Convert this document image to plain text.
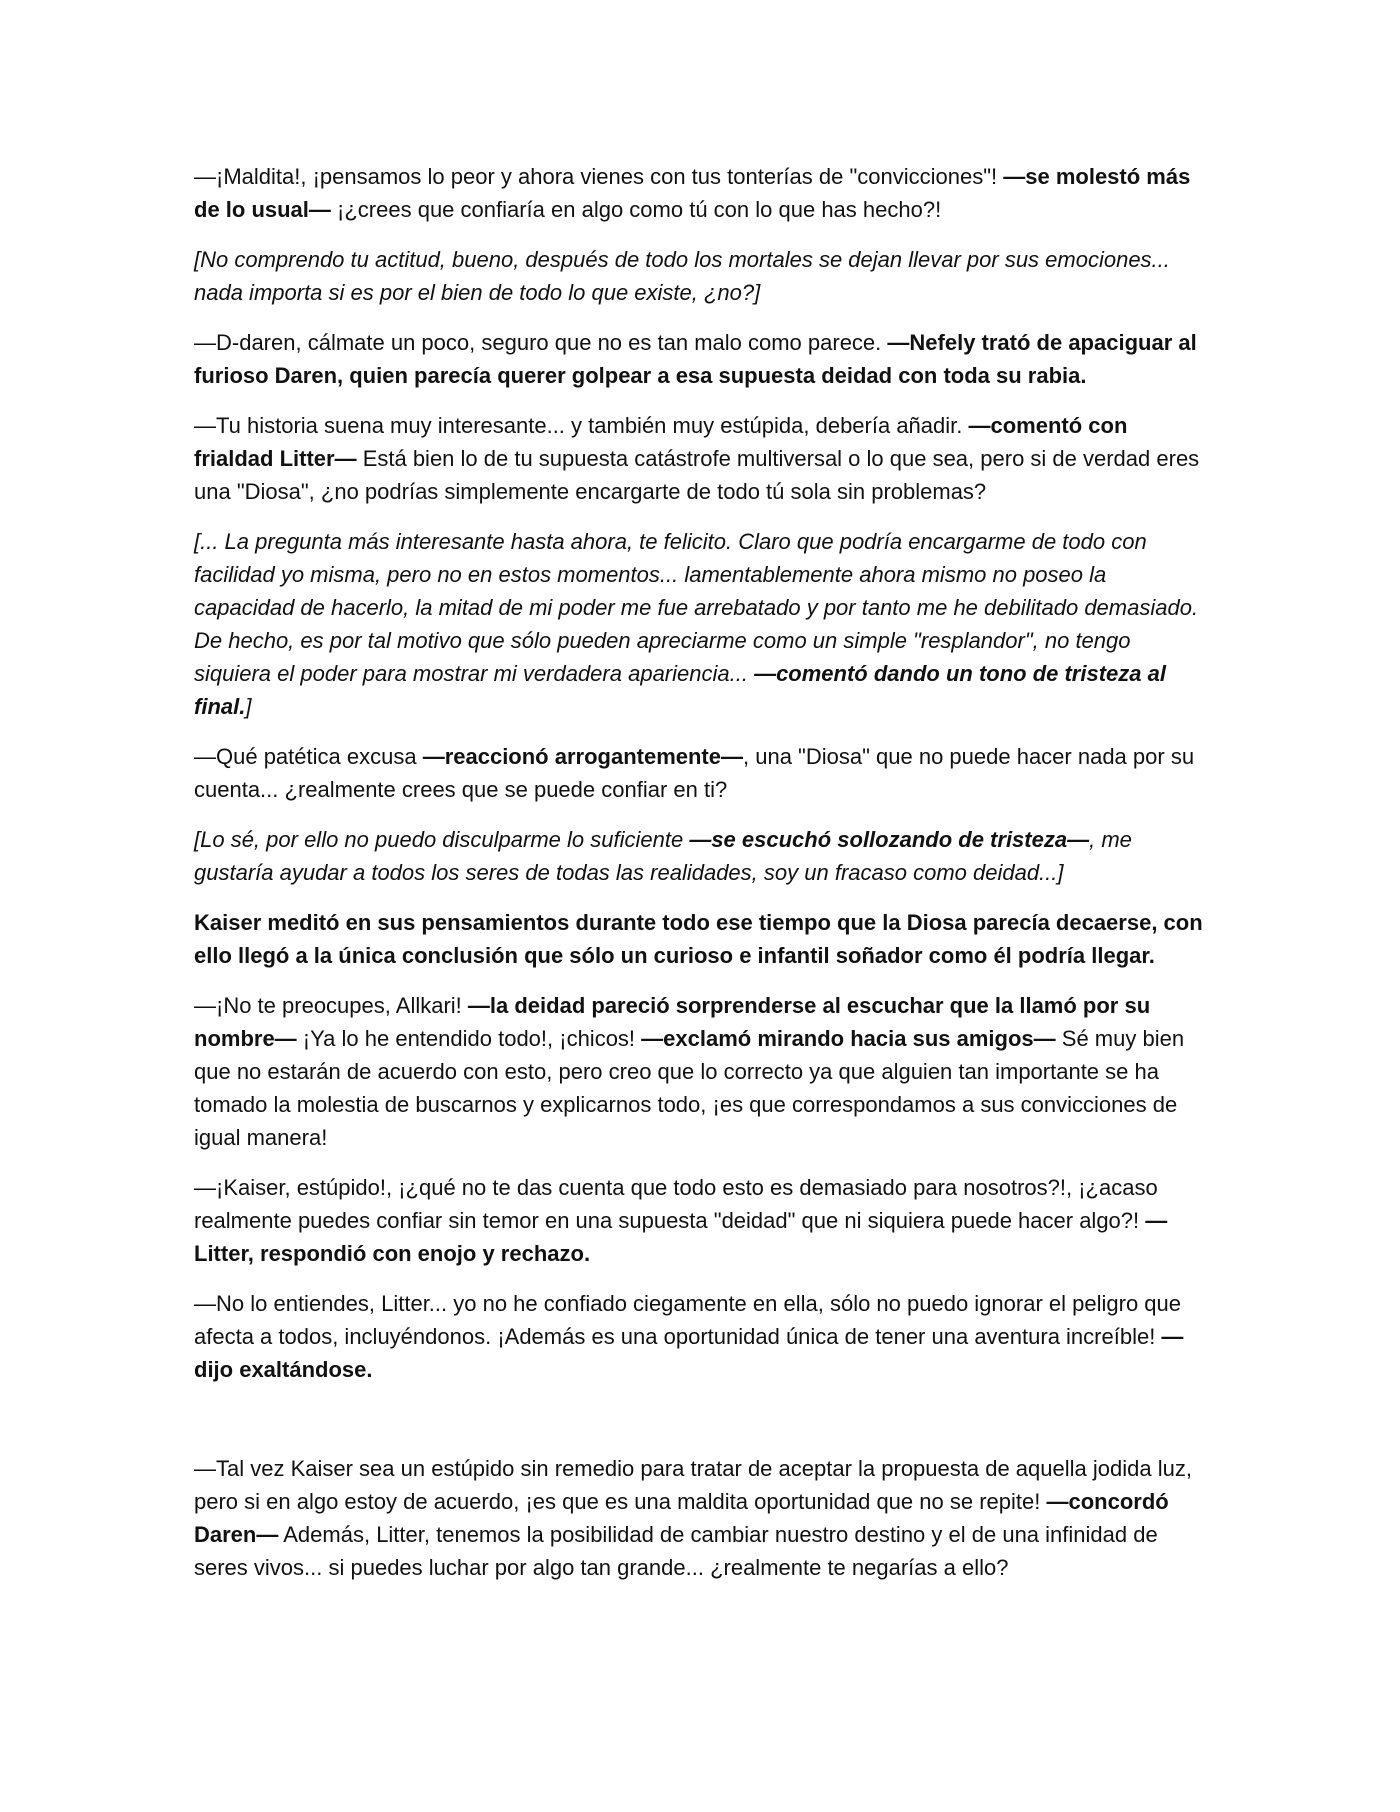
—¡Maldita!, ¡pensamos lo peor y ahora vienes con tus tonterías de "convicciones"! —se molestó más de lo usual— ¡¿crees que confiaría en algo como tú con lo que has hecho?!

[No comprendo tu actitud, bueno, después de todo los mortales se dejan llevar por sus emociones... nada importa si es por el bien de todo lo que existe, ¿no?]

—D-daren, cálmate un poco, seguro que no es tan malo como parece. —Nefely trató de apaciguar al furioso Daren, quien parecía querer golpear a esa supuesta deidad con toda su rabia.

—Tu historia suena muy interesante... y también muy estúpida, debería añadir. —comentó con frialdad Litter— Está bien lo de tu supuesta catástrofe multiversal o lo que sea, pero si de verdad eres una "Diosa", ¿no podrías simplemente encargarte de todo tú sola sin problemas?

[... La pregunta más interesante hasta ahora, te felicito. Claro que podría encargarme de todo con facilidad yo misma, pero no en estos momentos... lamentablemente ahora mismo no poseo la capacidad de hacerlo, la mitad de mi poder me fue arrebatado y por tanto me he debilitado demasiado. De hecho, es por tal motivo que sólo pueden apreciarme como un simple "resplandor", no tengo siquiera el poder para mostrar mi verdadera apariencia... —comentó dando un tono de tristeza al final.]

—Qué patética excusa —reaccionó arrogantemente—, una "Diosa" que no puede hacer nada por su cuenta... ¿realmente crees que se puede confiar en ti?

[Lo sé, por ello no puedo disculparme lo suficiente —se escuchó sollozando de tristeza—, me gustaría ayudar a todos los seres de todas las realidades, soy un fracaso como deidad...]

Kaiser meditó en sus pensamientos durante todo ese tiempo que la Diosa parecía decaerse, con ello llegó a la única conclusión que sólo un curioso e infantil soñador como él podría llegar.

—¡No te preocupes, Allkari! —la deidad pareció sorprenderse al escuchar que la llamó por su nombre— ¡Ya lo he entendido todo!, ¡chicos! —exclamó mirando hacia sus amigos— Sé muy bien que no estarán de acuerdo con esto, pero creo que lo correcto ya que alguien tan importante se ha tomado la molestia de buscarnos y explicarnos todo, ¡es que correspondamos a sus convicciones de igual manera!

—¡Kaiser, estúpido!, ¡¿qué no te das cuenta que todo esto es demasiado para nosotros?!, ¡¿acaso realmente puedes confiar sin temor en una supuesta "deidad" que ni siquiera puede hacer algo?! —Litter, respondió con enojo y rechazo.

—No lo entiendes, Litter... yo no he confiado ciegamente en ella, sólo no puedo ignorar el peligro que afecta a todos, incluyéndonos. ¡Además es una oportunidad única de tener una aventura increíble! —dijo exaltándose.

—Tal vez Kaiser sea un estúpido sin remedio para tratar de aceptar la propuesta de aquella jodida luz, pero si en algo estoy de acuerdo, ¡es que es una maldita oportunidad que no se repite! —concordó Daren— Además, Litter, tenemos la posibilidad de cambiar nuestro destino y el de una infinidad de seres vivos... si puedes luchar por algo tan grande... ¿realmente te negarías a ello?
